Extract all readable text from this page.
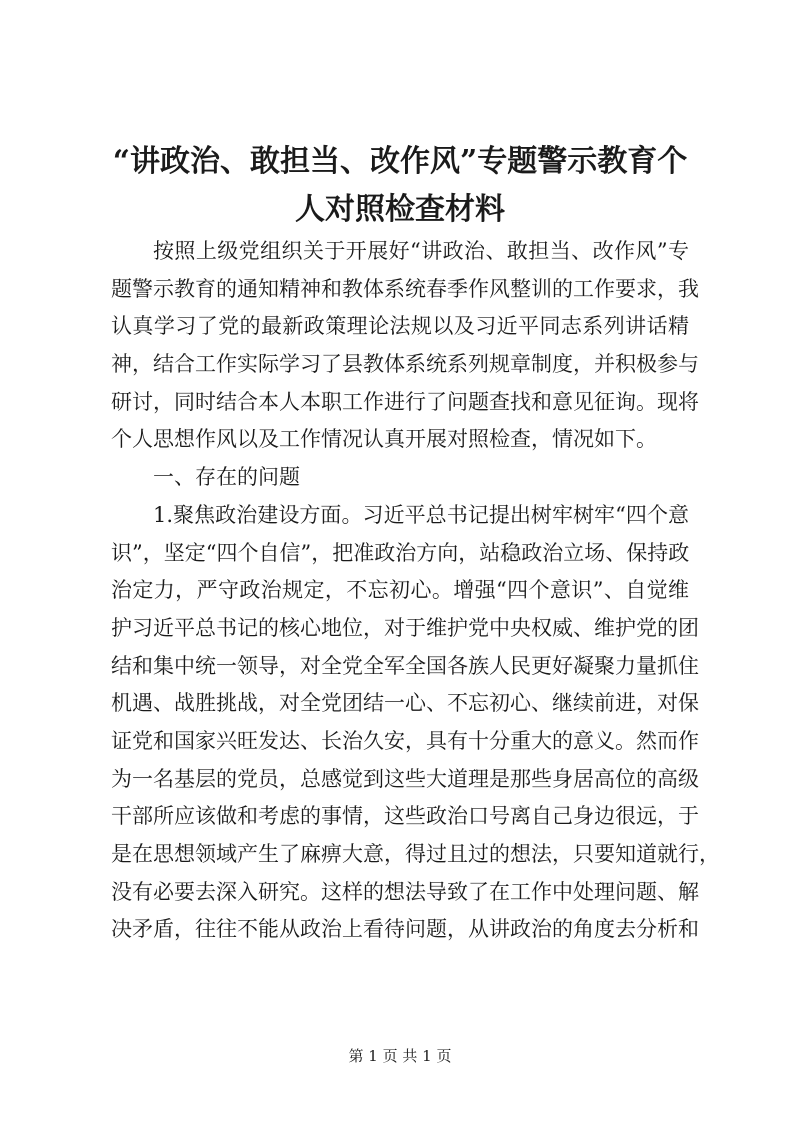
“讲政治、敢担当、改作风”专题警示教育个
人对照检查材料
按照上级党组织关于开展好“讲政治、敢担当、改作风”专
题警示教育的通知精神和教体系统春季作风整训的工作要求，我
认真学习了党的最新政策理论法规以及习近平同志系列讲话精
神，结合工作实际学习了县教体系统系列规章制度，并积极参与
研讨，同时结合本人本职工作进行了问题查找和意见征询。现将
个人思想作风以及工作情况认真开展对照检查，情况如下。
一、存在的问题
1.聚焦政治建设方面。习近平总书记提出树牢树牢“四个意
识”，坚定“四个自信”，把准政治方向，站稳政治立场、保持政
治定力，严守政治规定，不忘初心。增强“四个意识”、自觉维
护习近平总书记的核心地位，对于维护党中央权威、维护党的团
结和集中统一领导，对全党全军全国各族人民更好凝聚力量抓住
机遇、战胜挑战，对全党团结一心、不忘初心、继续前进，对保
证党和国家兴旺发达、长治久安，具有十分重大的意义。然而作
为一名基层的党员，总感觉到这些大道理是那些身居高位的高级
干部所应该做和考虑的事情，这些政治口号离自己身边很远，于
是在思想领域产生了麻痹大意，得过且过的想法，只要知道就行，
没有必要去深入研究。这样的想法导致了在工作中处理问题、解
决矛盾，往往不能从政治上看待问题，从讲政治的角度去分析和
第 1 页 共 1 页
